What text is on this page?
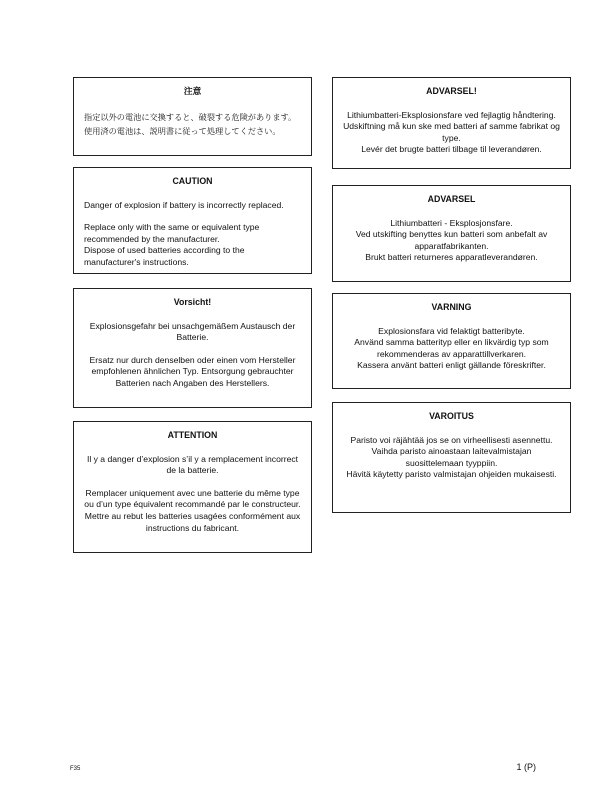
注意

指定以外の電池に交換すると、破裂する危険があります。

使用済の電池は、説明書に従って処理してください。

CAUTION

Danger of explosion if battery is incorrectly replaced.

Replace only with the same or equivalent type recommended by the manufacturer.

Dispose of used batteries according to the manufacturer's instructions.

Vorsicht!

Explosionsgefahr bei unsachgemäßem Austausch der Batterie.

Ersatz nur durch denselben oder einen vom Hersteller empfohlenen ähnlichen Typ. Entsorgung gebrauchter Batterien nach Angaben des Herstellers.

ATTENTION

Il y a danger d’explosion s’il y a remplacement incorrect de la batterie.

Remplacer uniquement avec une batterie du même type ou d’un type équivalent recommandé par le constructeur.

Mettre au rebut les batteries usagées conformément aux instructions du fabricant.

ADVARSEL!

Lithiumbatteri-Eksplosionsfare ved fejlagtig håndtering.

Udskiftning må kun ske med batteri af samme fabrikat og type.

Levér det brugte batteri tilbage til leverandøren.

ADVARSEL

Lithiumbatteri - Eksplosjonsfare.

Ved utskifting benyttes kun batteri som anbefalt av apparatfabrikanten.

Brukt batteri returneres apparatleverandøren.

VARNING

Explosionsfara vid felaktigt batteribyte.

Använd samma batterityp eller en likvärdig typ som rekommenderas av apparattillverkaren.

Kassera använt batteri enligt gällande föreskrifter.

VAROITUS

Paristo voi räjähtää jos se on virheellisesti asennettu.

Vaihda paristo ainoastaan laitevalmistajan suosittelemaan tyyppiin.

Hävitä käytetty paristo valmistajan ohjeiden mukaisesti.

F35	1 (P)
